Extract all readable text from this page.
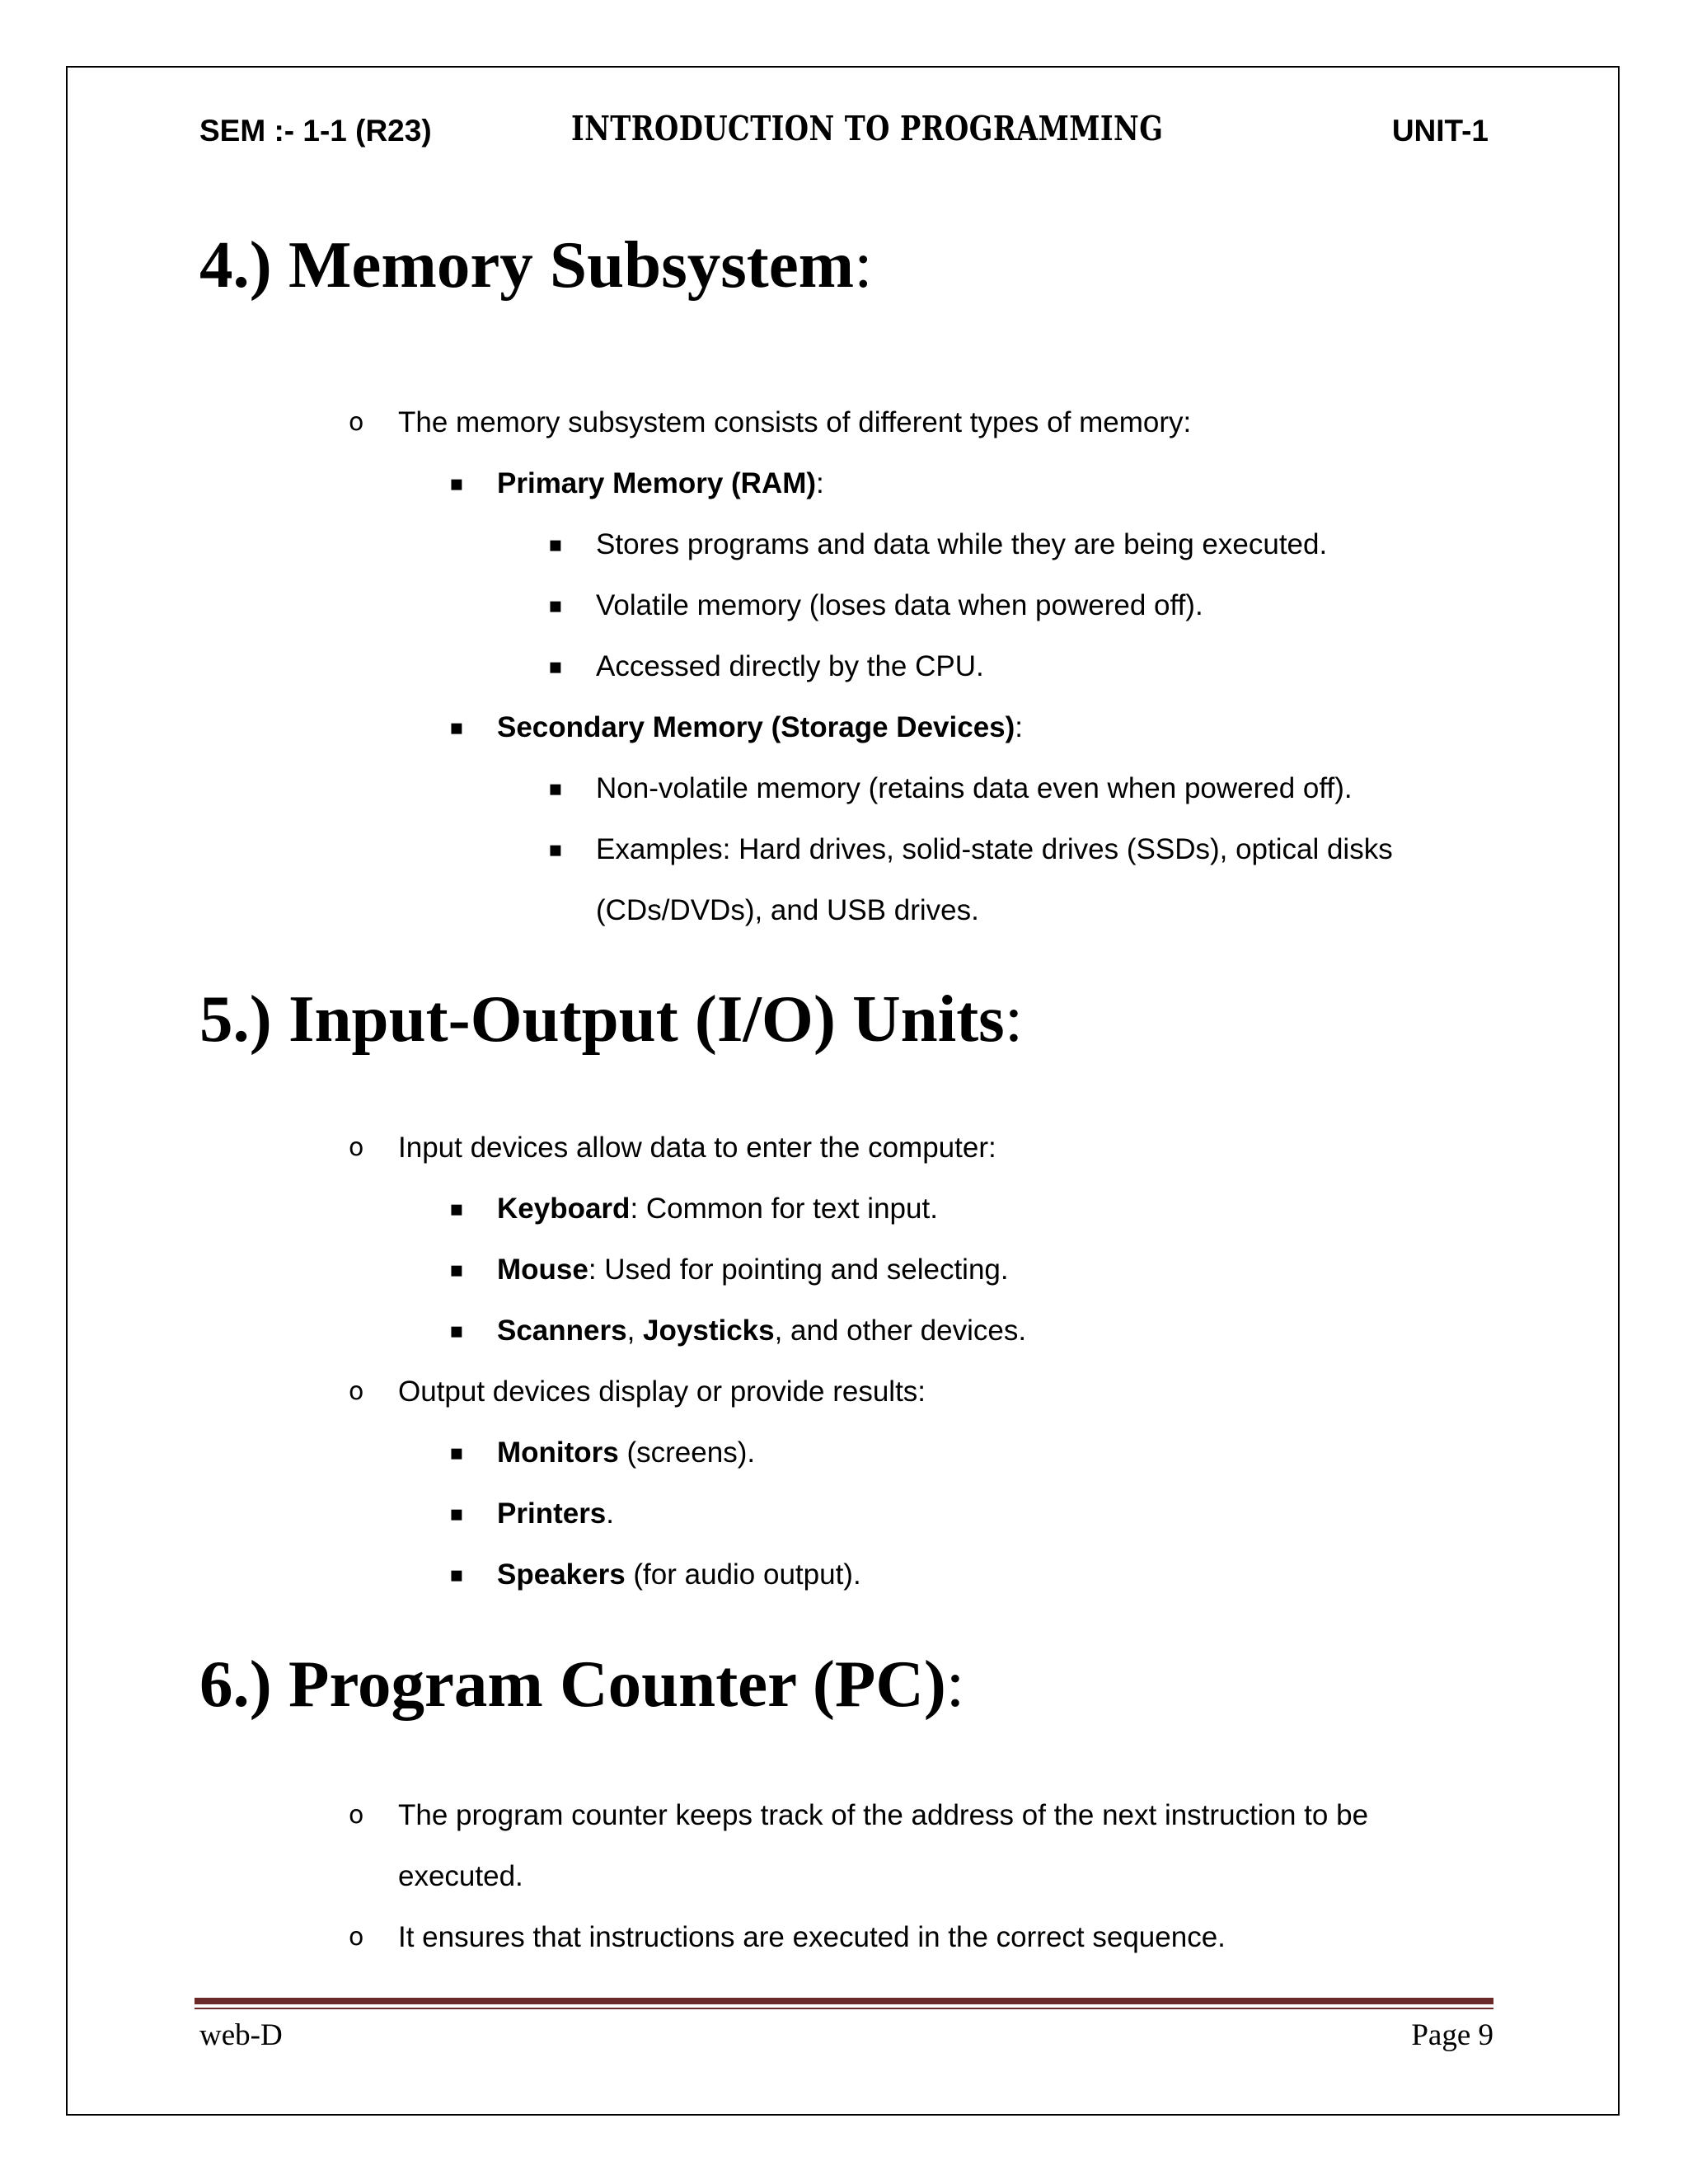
SEM :- 1-1 (R23)	INTRODUCTION TO PROGRAMMING	UNIT-1
4.) Memory Subsystem:
o The memory subsystem consists of different types of memory:
▪ Primary Memory (RAM):
▪ Stores programs and data while they are being executed.
▪ Volatile memory (loses data when powered off).
▪ Accessed directly by the CPU.
▪ Secondary Memory (Storage Devices):
▪ Non-volatile memory (retains data even when powered off).
▪ Examples: Hard drives, solid-state drives (SSDs), optical disks
(CDs/DVDs), and USB drives.
5.) Input-Output (I/O) Units:
o Input devices allow data to enter the computer:
▪ Keyboard: Common for text input.
▪ Mouse: Used for pointing and selecting.
▪ Scanners, Joysticks, and other devices.
o Output devices display or provide results:
▪ Monitors (screens).
▪ Printers.
▪ Speakers (for audio output).
6.) Program Counter (PC):
o The program counter keeps track of the address of the next instruction to be
executed.
o It ensures that instructions are executed in the correct sequence.
web-D	Page 9
